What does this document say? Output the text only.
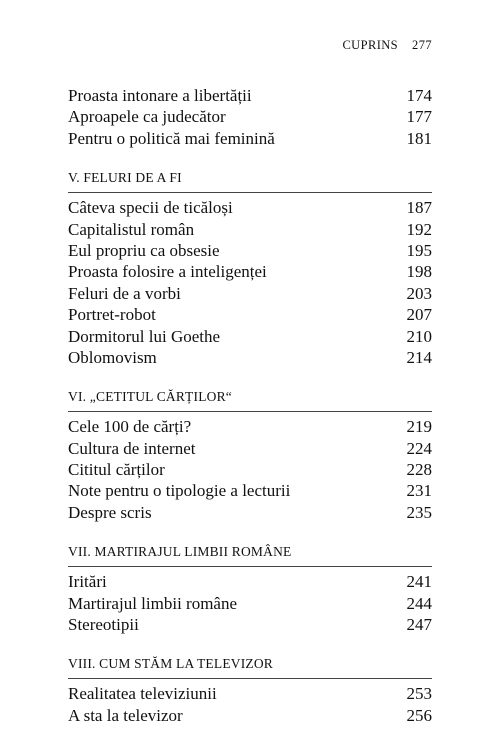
CUPRINS 277
Proasta intonare a libertății	174
Aproapele ca judecător	177
Pentru o politică mai feminină	181
V. FELURI DE A FI
Câteva specii de ticăloși	187
Capitalistul român	192
Eul propriu ca obsesie	195
Proasta folosire a inteligenței	198
Feluri de a vorbi	203
Portret-robot	207
Dormitorul lui Goethe	210
Oblomovism	214
VI. „CETITUL CĂRȚILOR“
Cele 100 de cărți?	219
Cultura de internet	224
Cititul cărților	228
Note pentru o tipologie a lecturii	231
Despre scris	235
VII. MARTIRAJUL LIMBII ROMÂNE
Iritări	241
Martirajul limbii române	244
Stereotipii	247
VIII. CUM STĂM LA TELEVIZOR
Realitatea televiziunii	253
A sta la televizor	256
